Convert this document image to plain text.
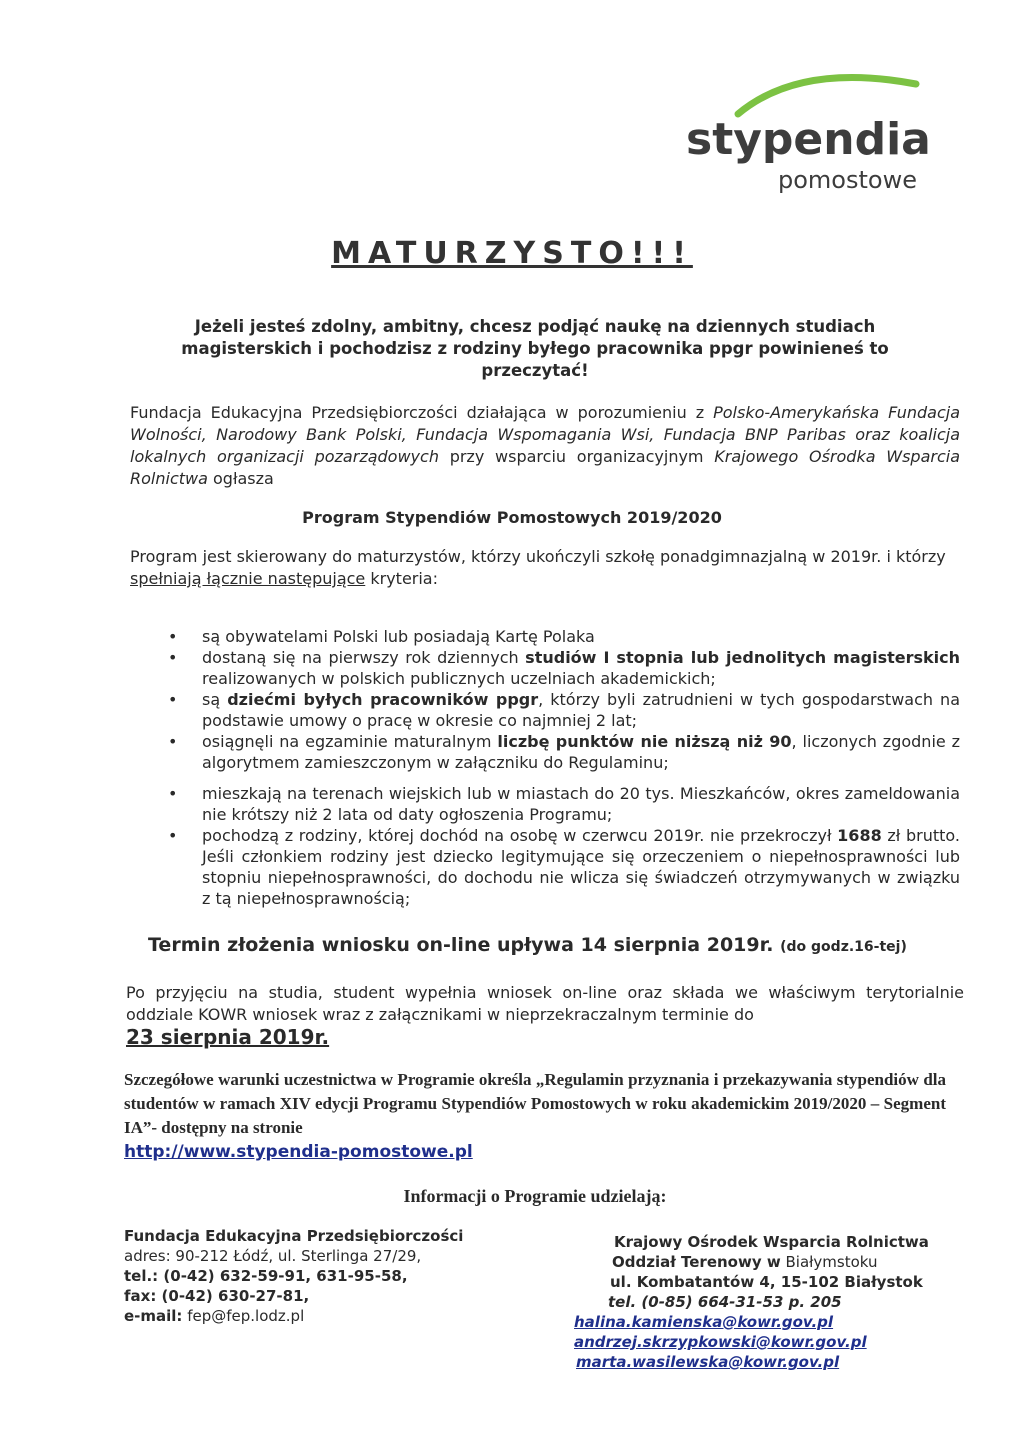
stypendia
pomostowe
MATURZYSTO!!!
Jeżeli jesteś zdolny, ambitny, chcesz podjąć naukę na dziennych studiach magisterskich i pochodzisz z rodziny byłego pracownika ppgr powinieneś to przeczytać!
Fundacja Edukacyjna Przedsiębiorczości działająca w porozumieniu z Polsko-Amerykańska Fundacja Wolności, Narodowy Bank Polski, Fundacja Wspomagania Wsi, Fundacja BNP Paribas oraz koalicja lokalnych organizacji pozarządowych przy wsparciu organizacyjnym Krajowego Ośrodka Wsparcia Rolnictwa ogłasza
Program Stypendiów Pomostowych 2019/2020
Program jest skierowany do maturzystów, którzy ukończyli szkołę ponadgimnazjalną w 2019r. i którzy spełniają łącznie następujące kryteria:
• są obywatelami Polski lub posiadają Kartę Polaka
• dostaną się na pierwszy rok dziennych studiów I stopnia lub jednolitych magisterskich realizowanych w polskich publicznych uczelniach akademickich;
• są dziećmi byłych pracowników ppgr, którzy byli zatrudnieni w tych gospodarstwach na podstawie umowy o pracę w okresie co najmniej 2 lat;
• osiągnęli na egzaminie maturalnym liczbę punktów nie niższą niż 90, liczonych zgodnie z algorytmem zamieszczonym w załączniku do Regulaminu;
• mieszkają na terenach wiejskich lub w miastach do 20 tys. Mieszkańców, okres zameldowania nie krótszy niż 2 lata od daty ogłoszenia Programu;
• pochodzą z rodziny, której dochód na osobę w czerwcu 2019r. nie przekroczył 1688 zł brutto. Jeśli członkiem rodziny jest dziecko legitymujące się orzeczeniem o niepełnosprawności lub stopniu niepełnosprawności, do dochodu nie wlicza się świadczeń otrzymywanych w związku z tą niepełnosprawnością;
Termin złożenia wniosku on-line upływa 14 sierpnia 2019r. (do godz.16-tej)
Po przyjęciu na studia, student wypełnia wniosek on-line oraz składa we właściwym terytorialnie oddziale KOWR wniosek wraz z załącznikami w nieprzekraczalnym terminie do
23 sierpnia 2019r.
Szczegółowe warunki uczestnictwa w Programie określa „Regulamin przyznania i przekazywania stypendiów dla studentów w ramach XIV edycji Programu Stypendiów Pomostowych w roku akademickim 2019/2020 – Segment IA”- dostępny na stronie
http://www.stypendia-pomostowe.pl
Informacji o Programie udzielają:
Fundacja Edukacyjna Przedsiębiorczości
adres: 90-212 Łódź, ul. Sterlinga 27/29,
tel.: (0-42) 632-59-91, 631-95-58,
fax: (0-42) 630-27-81,
e-mail: fep@fep.lodz.pl
Krajowy Ośrodek Wsparcia Rolnictwa
Oddział Terenowy w Białymstoku
ul. Kombatantów 4, 15-102 Białystok
tel. (0-85) 664-31-53 p. 205
halina.kamienska@kowr.gov.pl
andrzej.skrzypkowski@kowr.gov.pl
marta.wasilewska@kowr.gov.pl
